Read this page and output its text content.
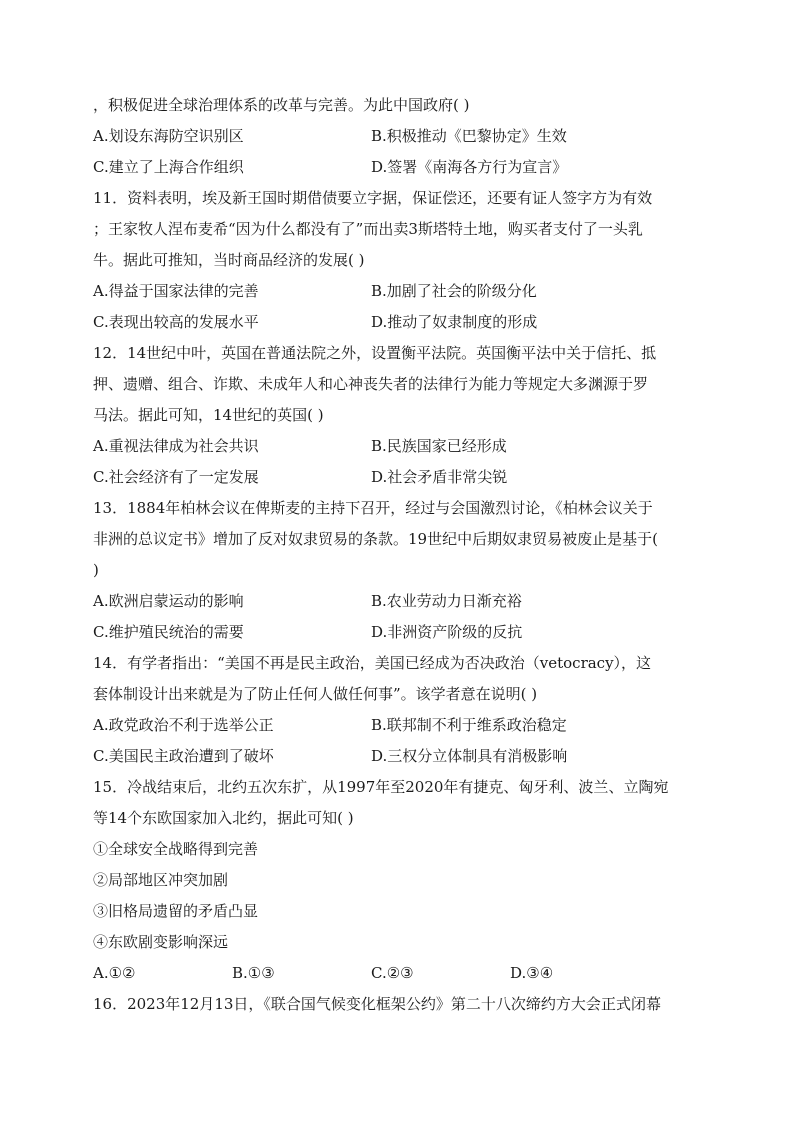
，积极促进全球治理体系的改革与完善。为此中国政府( )
A.划设东海防空识别区	B.积极推动《巴黎协定》生效
C.建立了上海合作组织	D.签署《南海各方行为宣言》
11．资料表明，埃及新王国时期借债要立字据，保证偿还，还要有证人签字方为有效
；王家牧人涅布麦希“因为什么都没有了”而出卖3斯塔特土地，购买者支付了一头乳
牛。据此可推知，当时商品经济的发展( )
A.得益于国家法律的完善	B.加剧了社会的阶级分化
C.表现出较高的发展水平	D.推动了奴隶制度的形成
12．14世纪中叶，英国在普通法院之外，设置衡平法院。英国衡平法中关于信托、抵
押、遗赠、组合、诈欺、未成年人和心神丧失者的法律行为能力等规定大多渊源于罗
马法。据此可知，14世纪的英国( )
A.重视法律成为社会共识	B.民族国家已经形成
C.社会经济有了一定发展	D.社会矛盾非常尖锐
13．1884年柏林会议在俾斯麦的主持下召开，经过与会国激烈讨论，《柏林会议关于
非洲的总议定书》增加了反对奴隶贸易的条款。19世纪中后期奴隶贸易被废止是基于(
)
A.欧洲启蒙运动的影响	B.农业劳动力日渐充裕
C.维护殖民统治的需要	D.非洲资产阶级的反抗
14．有学者指出：“美国不再是民主政治，美国已经成为否决政治（vetocracy），这
套体制设计出来就是为了防止任何人做任何事”。该学者意在说明( )
A.政党政治不利于选举公正	B.联邦制不利于维系政治稳定
C.美国民主政治遭到了破坏	D.三权分立体制具有消极影响
15．冷战结束后，北约五次东扩，从1997年至2020年有捷克、匈牙利、波兰、立陶宛
等14个东欧国家加入北约，据此可知( )
①全球安全战略得到完善
②局部地区冲突加剧
③旧格局遗留的矛盾凸显
④东欧剧变影响深远
A.①②	B.①③	C.②③	D.③④
16．2023年12月13日，《联合国气候变化框架公约》第二十八次缔约方大会正式闭幕
